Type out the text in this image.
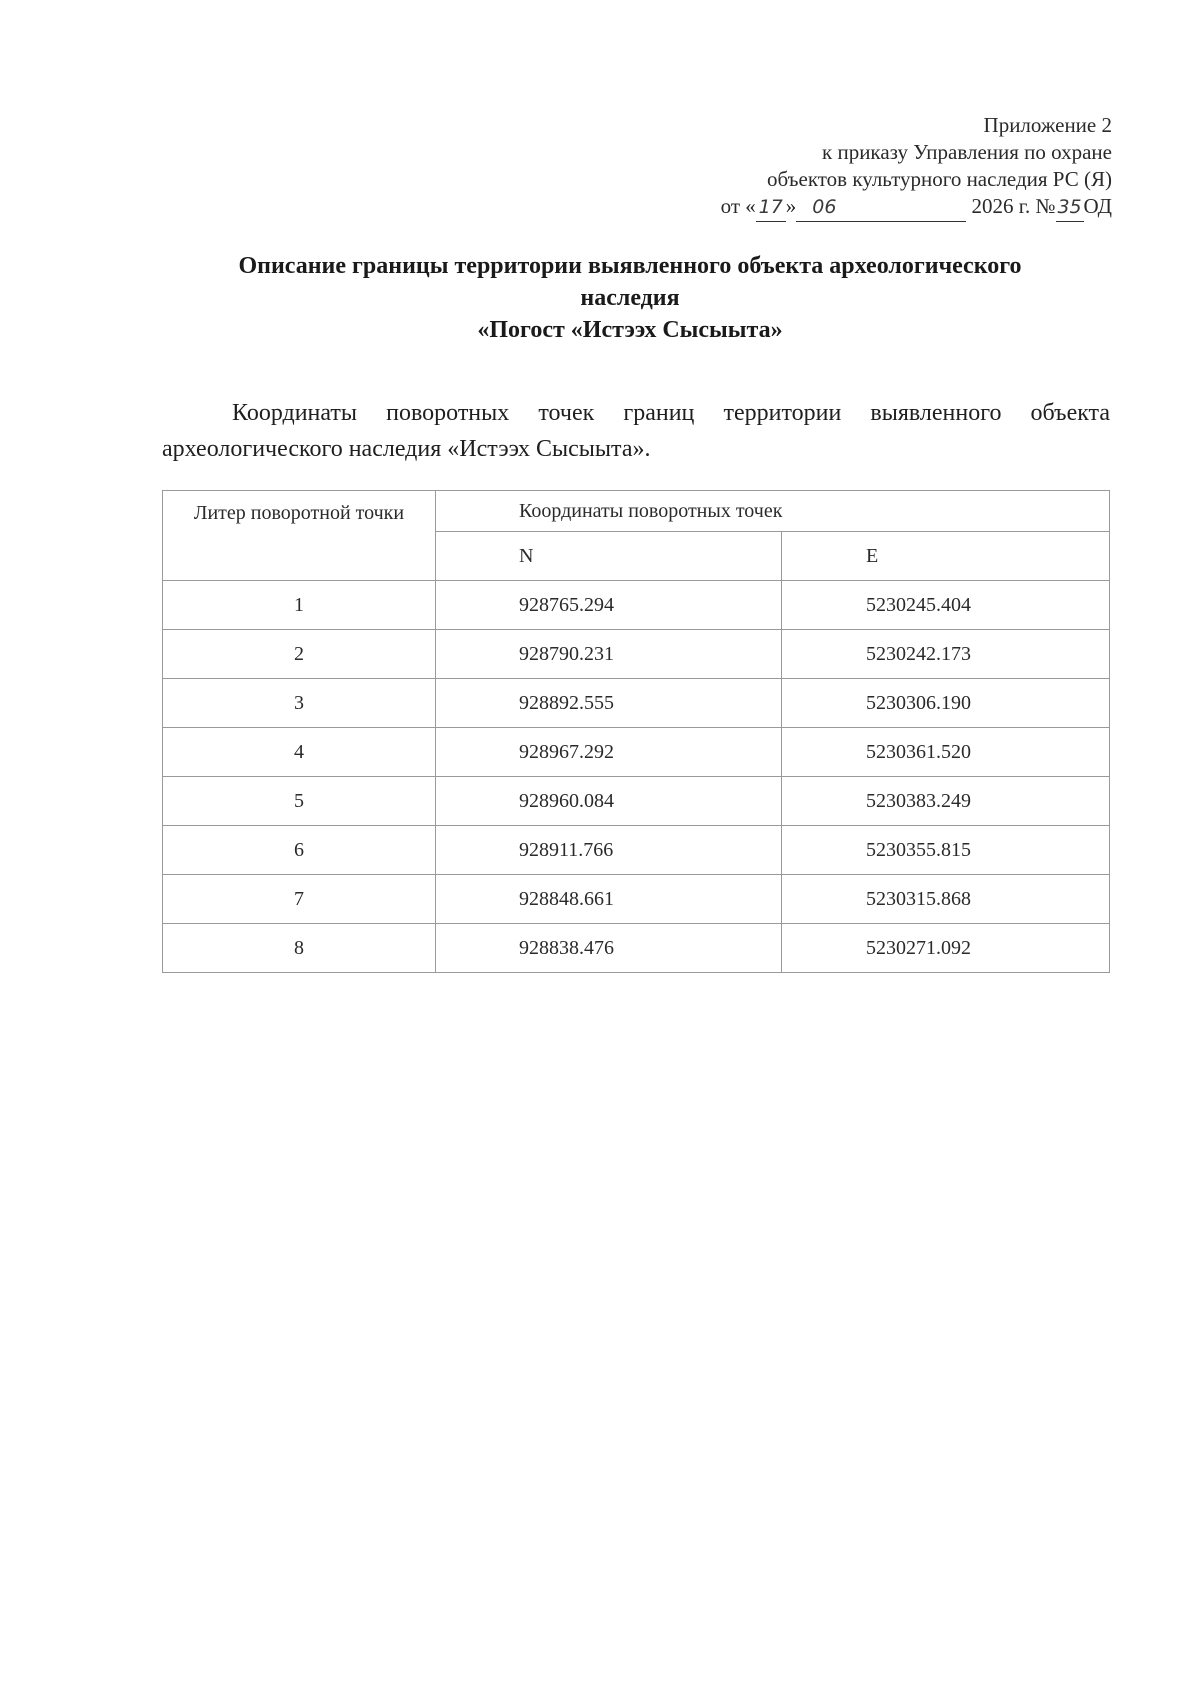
Приложение 2
к приказу Управления по охране
объектов культурного наследия РС (Я)
от « 17 » 06	2026 г. № 35ОД
Описание границы территории выявленного объекта археологического
наследия
«Погост «Истээх Сысыыта»

Координаты поворотных точек границ территории выявленного объекта археологического наследия «Истээх Сысыыта».

Литер поворотной точки	Координаты поворотных точек	
	N	E
1	928765.294	5230245.404
2	928790.231	5230242.173
3	928892.555	5230306.190
4	928967.292	5230361.520
5	928960.084	5230383.249
6	928911.766	5230355.815
7	928848.661	5230315.868
8	928838.476	5230271.092
